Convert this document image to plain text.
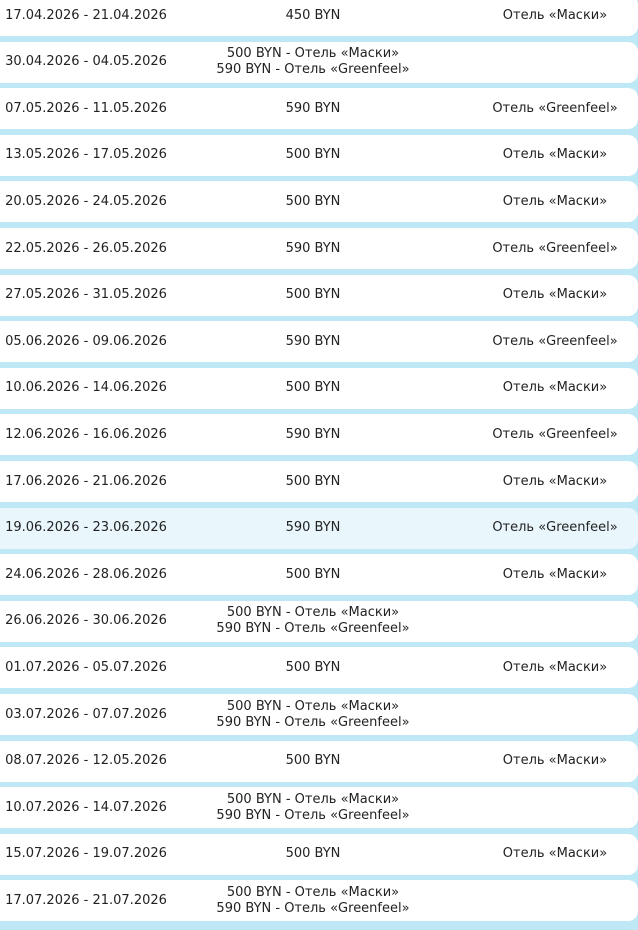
17.04.2026 - 21.04.2026	450 BYN	Отель «Маски»
30.04.2026 - 04.05.2026
500 BYN - Отель «Маски»
590 BYN - Отель «Greenfeel»
07.05.2026 - 11.05.2026	590 BYN	Отель «Greenfeel»
13.05.2026 - 17.05.2026	500 BYN	Отель «Маски»
20.05.2026 - 24.05.2026	500 BYN	Отель «Маски»
22.05.2026 - 26.05.2026	590 BYN	Отель «Greenfeel»
27.05.2026 - 31.05.2026	500 BYN	Отель «Маски»
05.06.2026 - 09.06.2026	590 BYN	Отель «Greenfeel»
10.06.2026 - 14.06.2026	500 BYN	Отель «Маски»
12.06.2026 - 16.06.2026	590 BYN	Отель «Greenfeel»
17.06.2026 - 21.06.2026	500 BYN	Отель «Маски»
19.06.2026 - 23.06.2026	590 BYN	Отель «Greenfeel»
24.06.2026 - 28.06.2026	500 BYN	Отель «Маски»
26.06.2026 - 30.06.2026
500 BYN - Отель «Маски»
590 BYN - Отель «Greenfeel»
01.07.2026 - 05.07.2026	500 BYN	Отель «Маски»
03.07.2026 - 07.07.2026
500 BYN - Отель «Маски»
590 BYN - Отель «Greenfeel»
08.07.2026 - 12.05.2026	500 BYN	Отель «Маски»
10.07.2026 - 14.07.2026
500 BYN - Отель «Маски»
590 BYN - Отель «Greenfeel»
15.07.2026 - 19.07.2026	500 BYN	Отель «Маски»
17.07.2026 - 21.07.2026
500 BYN - Отель «Маски»
590 BYN - Отель «Greenfeel»
